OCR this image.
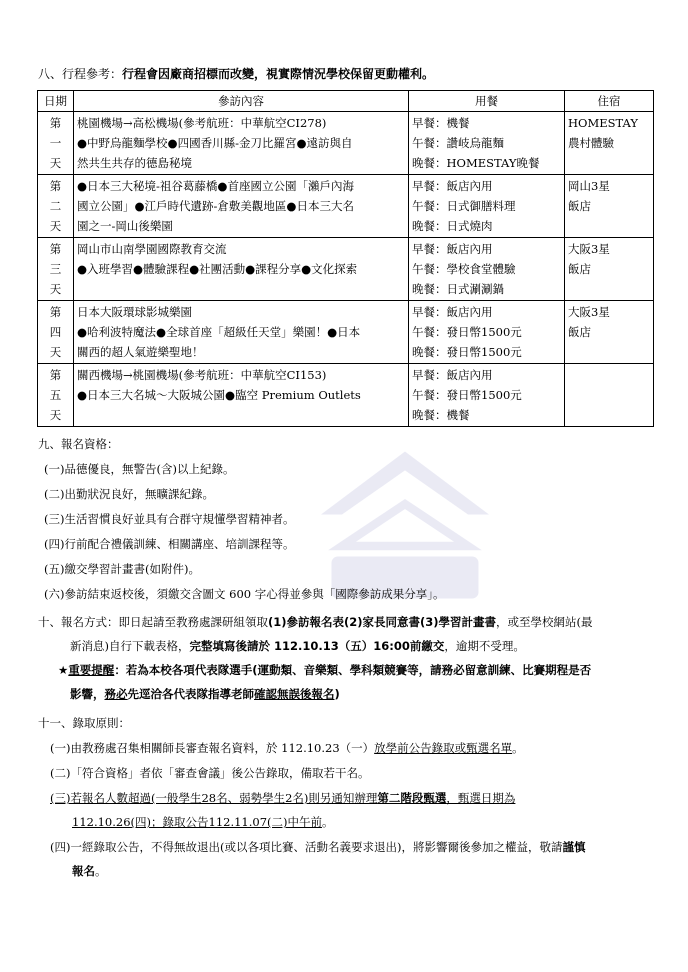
八、行程參考：行程會因廠商招標而改變，視實際情況學校保留更動權利。
日期	參訪內容	用餐	住宿

第
一
天	桃園機場→高松機場(參考航班：中華航空CI278)
●中野烏龍麵學校●四國香川縣-金刀比羅宮●遠訪與自
然共生共存的德島秘境	早餐：機餐
午餐：讚岐烏龍麵
晚餐：HOMESTAY晚餐	HOMESTAY
農村體驗

第
二
天	●日本三大秘境-祖谷葛藤橋●首座國立公園「瀨戶內海
國立公園」●江戶時代遺跡-倉敷美觀地區●日本三大名
園之一-岡山後樂園	早餐：飯店內用
午餐：日式御膳料理
晚餐：日式燒肉	岡山3星
飯店

第
三
天	岡山市山南學園國際教育交流
●入班學習●體驗課程●社團活動●課程分享●文化探索	早餐：飯店內用
午餐：學校食堂體驗
晚餐：日式涮涮鍋	大阪3星
飯店

第
四
天	日本大阪環球影城樂園
●哈利波特魔法●全球首座「超級任天堂」樂園！●日本
關西的超人氣遊樂聖地！	早餐：飯店內用
午餐：發日幣1500元
晚餐：發日幣1500元	大阪3星
飯店

第
五
天	關西機場→桃園機場(參考航班：中華航空CI153)
●日本三大名城～大阪城公園●臨空 Premium Outlets	早餐：飯店內用
午餐：發日幣1500元
晚餐：機餐	

九、報名資格：
(一)品德優良，無警告(含)以上紀錄。
(二)出勤狀況良好，無曠課紀錄。
(三)生活習慣良好並具有合群守規懂學習精神者。
(四)行前配合禮儀訓練、相關講座、培訓課程等。
(五)繳交學習計畫書(如附件)。
(六)參訪結束返校後，須繳交含圖文 600 字心得並參與「國際參訪成果分享」。
十、報名方式：即日起請至教務處課研組領取(1)參訪報名表(2)家長同意書(3)學習計畫書，或至學校網站(最
新消息)自行下載表格，完整填寫後請於 112.10.13（五）16:00前繳交，逾期不受理。
★重要提醒：若為本校各項代表隊選手(運動類、音樂類、學科類競賽等，請務必留意訓練、比賽期程是否
影響，務必先逕洽各代表隊指導老師確認無誤後報名)
十一、錄取原則：
(一)由教務處召集相關師長審查報名資料，於 112.10.23（一）放學前公告錄取或甄選名單。
(二)「符合資格」者依「審查會議」後公告錄取，備取若干名。
(三)若報名人數超過(一般學生28名、弱勢學生2名)則另通知辦理第二階段甄選，甄選日期為
112.10.26(四)；錄取公告112.11.07(二)中午前。
(四)一經錄取公告，不得無故退出(或以各項比賽、活動名義要求退出)，將影響爾後參加之權益，敬請謹慎
報名。
